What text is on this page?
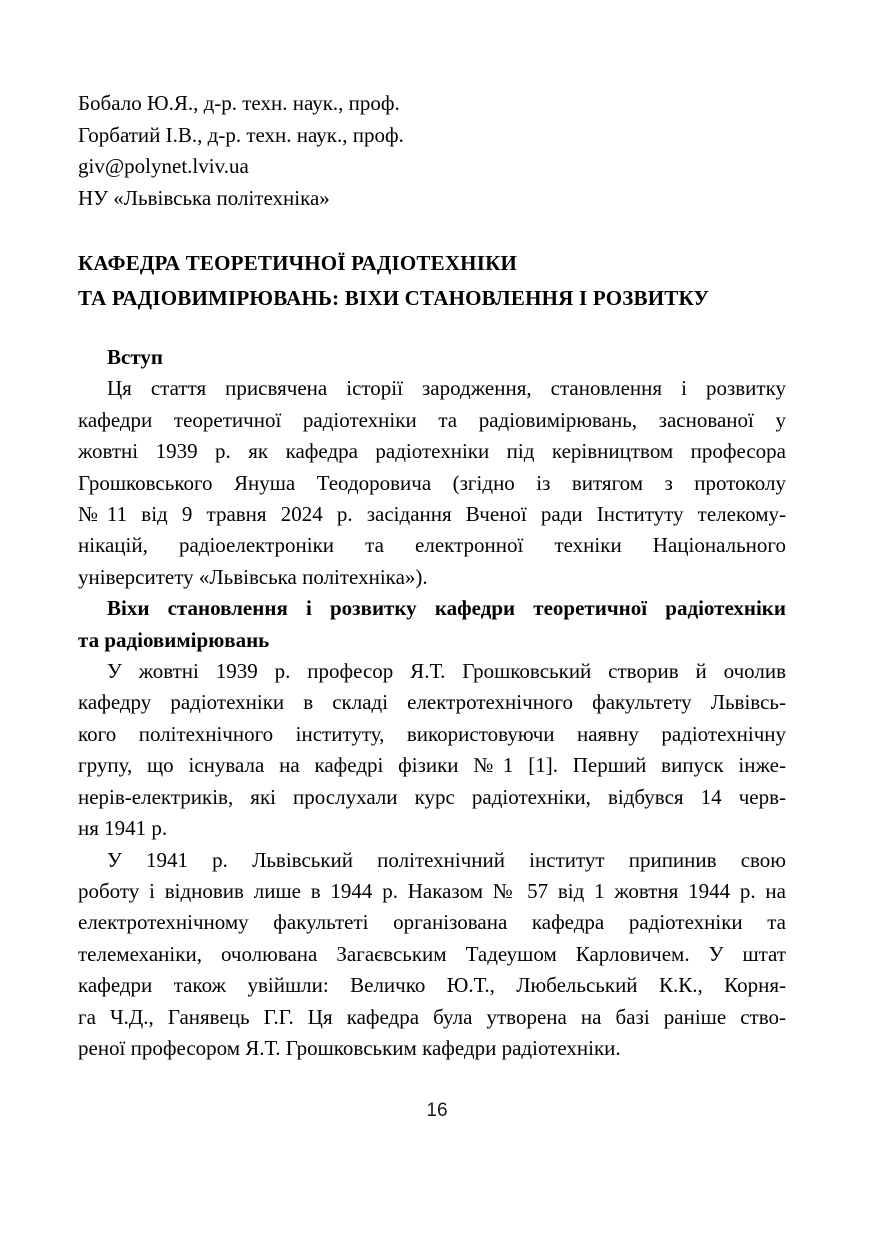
Бобало Ю.Я., д-р. техн. наук., проф.
Горбатий І.В., д-р. техн. наук., проф.
giv@polynet.lviv.ua
НУ «Львівська політехніка»
КАФЕДРА ТЕОРЕТИЧНОЇ РАДІОТЕХНІКИ
ТА РАДІОВИМІРЮВАНЬ: ВІХИ СТАНОВЛЕННЯ І РОЗВИТКУ
Вступ
Ця стаття присвячена історії зародження, становлення і розвитку
кафедри теоретичної радіотехніки та радіовимірювань, заснованої у
жовтні 1939 р. як кафедра радіотехніки під керівництвом професора
Грошковського Януша Теодоровича (згідно із витягом з протоколу
№11 від 9 травня 2024 р. засідання Вченої ради Інституту телекому-
нікацій, радіоелектроніки та електронної техніки Національного
університету «Львівська політехніка»).
Віхи становлення і розвитку кафедри теоретичної радіотехніки
та радіовимірювань
У жовтні 1939 р. професор Я.Т. Грошковський створив й очолив
кафедру радіотехніки в складі електротехнічного факультету Львівсь-
кого політехнічного інституту, використовуючи наявну радіотехнічну
групу, що існувала на кафедрі фізики №1 [1]. Перший випуск інже-
нерів-електриків, які прослухали курс радіотехніки, відбувся 14 черв-
ня 1941 р.
У 1941 р. Львівський політехнічний інститут припинив свою
роботу і відновив лише в 1944 р. Наказом № 57 від 1 жовтня 1944 р. на
електротехнічному факультеті організована кафедра радіотехніки та
телемеханіки, очолювана Загаєвським Тадеушом Карловичем. У штат
кафедри також увійшли: Величко Ю.Т., Любельський К.К., Корня-
га Ч.Д., Ганявець Г.Г. Ця кафедра була утворена на базі раніше ство-
реної професором Я.Т. Грошковським кафедри радіотехніки.
16
